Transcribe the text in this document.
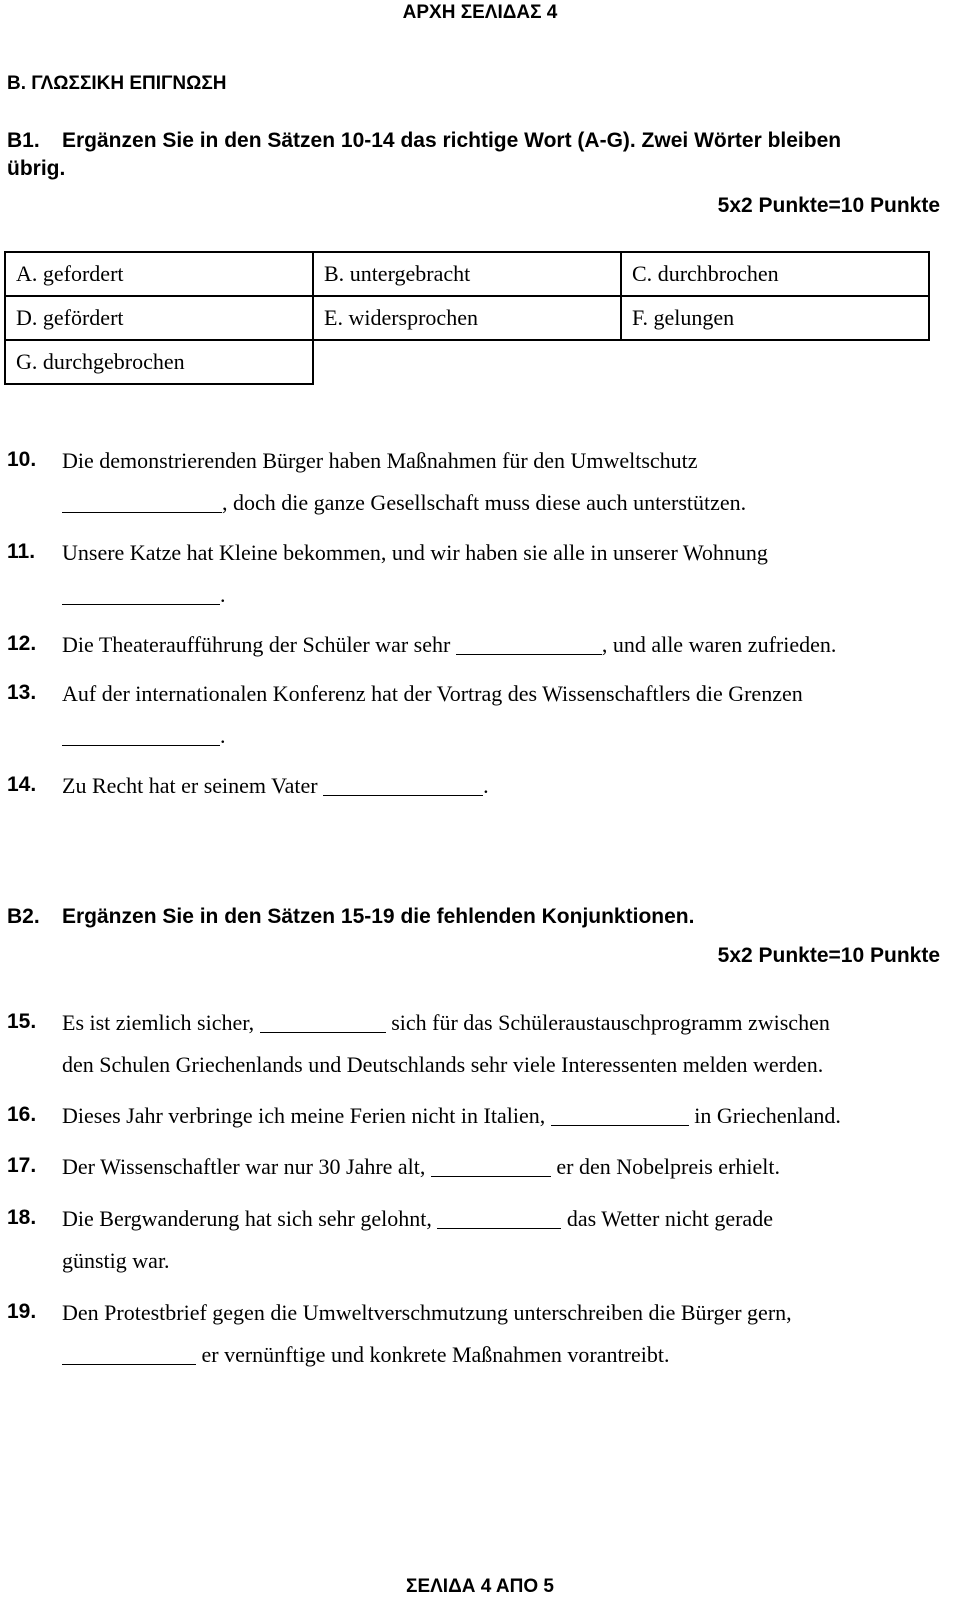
ΑΡΧΗ ΣΕΛΙΔΑΣ 4
Β. ΓΛΩΣΣΙΚΗ ΕΠΙΓΝΩΣΗ
B1. Ergänzen Sie in den Sätzen 10-14 das richtige Wort (A-G). Zwei Wörter bleiben
übrig.
5x2 Punkte=10 Punkte
A. gefordert	B. untergebracht	C. durchbrochen
D. gefördert	E. widersprochen	F. gelungen
G. durchgebrochen		
10. Die demonstrierenden Bürger haben Maßnahmen für den Umweltschutz
, doch die ganze Gesellschaft muss diese auch unterstützen.
11. Unsere Katze hat Kleine bekommen, und wir haben sie alle in unserer Wohnung
.
12. Die Theateraufführung der Schüler war sehr	, und alle waren zufrieden.
13. Auf der internationalen Konferenz hat der Vortrag des Wissenschaftlers die Grenzen
.
14. Zu Recht hat er seinem Vater	.
B2. Ergänzen Sie in den Sätzen 15-19 die fehlenden Konjunktionen.
5x2 Punkte=10 Punkte
15. Es ist ziemlich sicher,	sich für das Schüleraustauschprogramm zwischen
den Schulen Griechenlands und Deutschlands sehr viele Interessenten melden werden.
16. Dieses Jahr verbringe ich meine Ferien nicht in Italien,	in Griechenland.
17. Der Wissenschaftler war nur 30 Jahre alt,	er den Nobelpreis erhielt.
18. Die Bergwanderung hat sich sehr gelohnt,	das Wetter nicht gerade
günstig war.
19. Den Protestbrief gegen die Umweltverschmutzung unterschreiben die Bürger gern,
er vernünftige und konkrete Maßnahmen vorantreibt.
ΣΕΛΙΔΑ 4 ΑΠΟ 5
